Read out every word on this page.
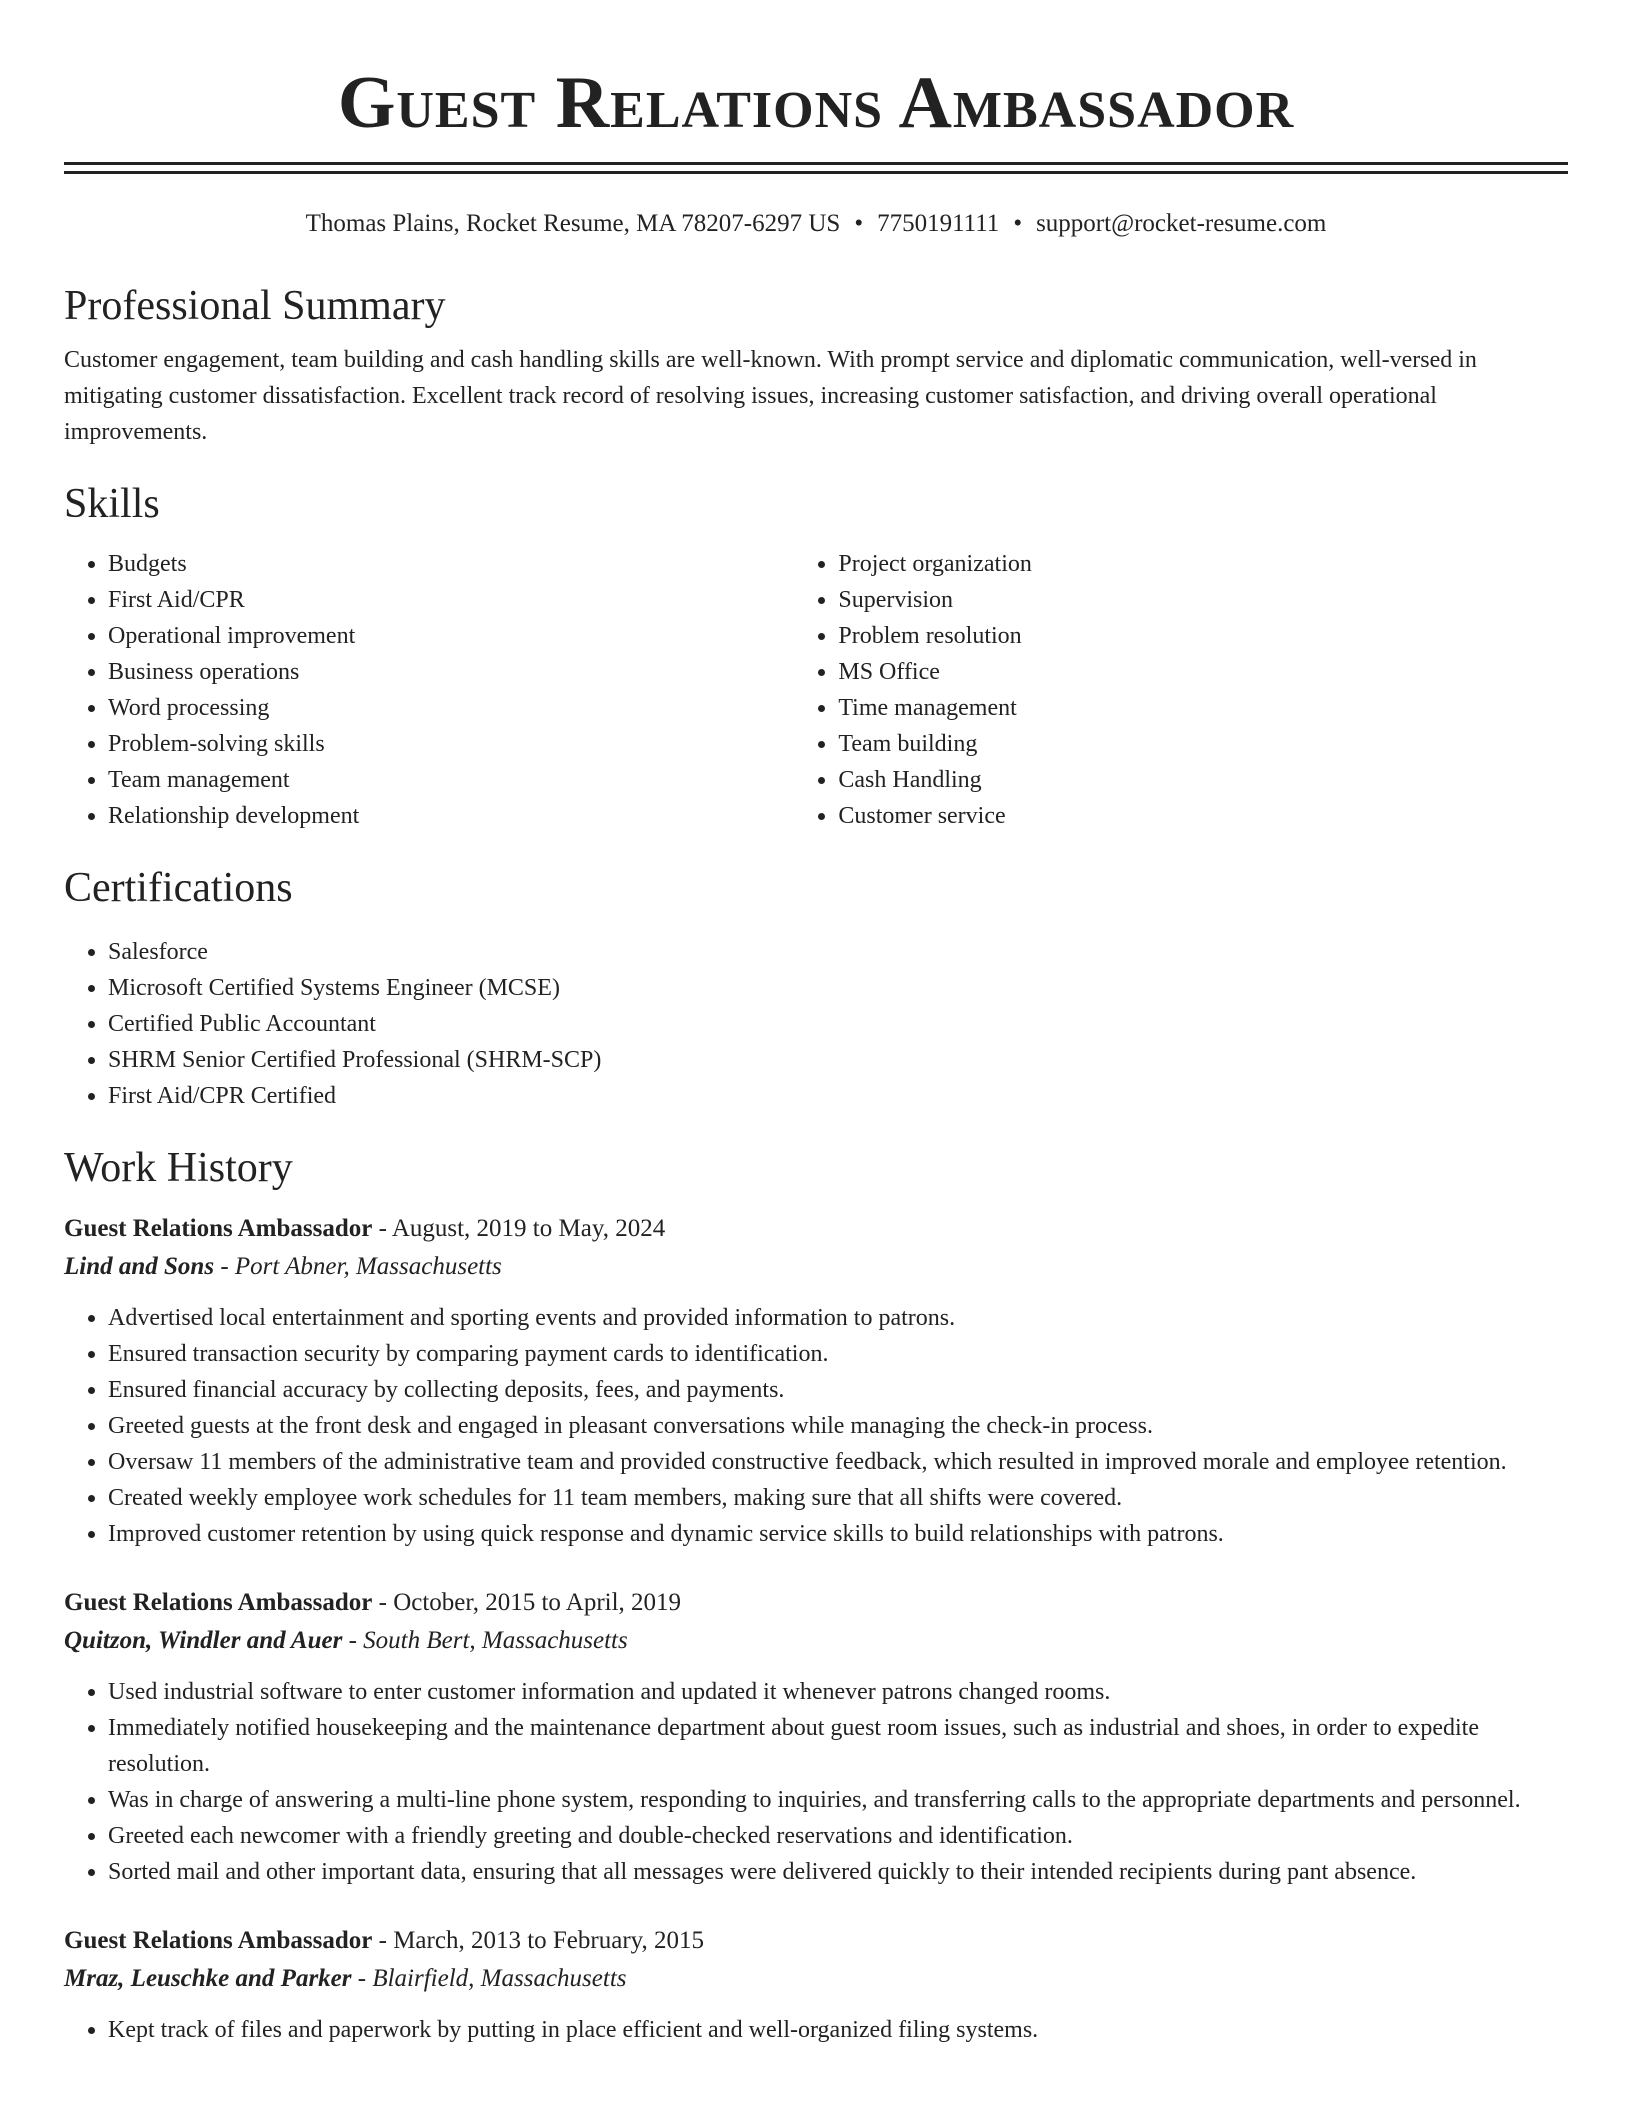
Guest Relations Ambassador
Thomas Plains, Rocket Resume, MA 78207-6297 US • 7750191111 • support@rocket-resume.com
Professional Summary

Customer engagement, team building and cash handling skills are well-known. With prompt service and diplomatic communication, well-versed in mitigating customer dissatisfaction. Excellent track record of resolving issues, increasing customer satisfaction, and driving overall operational improvements.

Skills
• Budgets
• First Aid/CPR
• Operational improvement
• Business operations
• Word processing
• Problem-solving skills
• Team management
• Relationship development
• Project organization
• Supervision
• Problem resolution
• MS Office
• Time management
• Team building
• Cash Handling
• Customer service
Certifications
• Salesforce
• Microsoft Certified Systems Engineer (MCSE)
• Certified Public Accountant
• SHRM Senior Certified Professional (SHRM-SCP)
• First Aid/CPR Certified
Work History
Guest Relations Ambassador - August, 2019 to May, 2024
Lind and Sons - Port Abner, Massachusetts
• Advertised local entertainment and sporting events and provided information to patrons.
• Ensured transaction security by comparing payment cards to identification.
• Ensured financial accuracy by collecting deposits, fees, and payments.
• Greeted guests at the front desk and engaged in pleasant conversations while managing the check-in process.
• Oversaw 11 members of the administrative team and provided constructive feedback, which resulted in improved morale and employee retention.
• Created weekly employee work schedules for 11 team members, making sure that all shifts were covered.
• Improved customer retention by using quick response and dynamic service skills to build relationships with patrons.
Guest Relations Ambassador - October, 2015 to April, 2019
Quitzon, Windler and Auer - South Bert, Massachusetts
• Used industrial software to enter customer information and updated it whenever patrons changed rooms.
• Immediately notified housekeeping and the maintenance department about guest room issues, such as industrial and shoes, in order to expedite resolution.
• Was in charge of answering a multi-line phone system, responding to inquiries, and transferring calls to the appropriate departments and personnel.
• Greeted each newcomer with a friendly greeting and double-checked reservations and identification.
• Sorted mail and other important data, ensuring that all messages were delivered quickly to their intended recipients during pant absence.
Guest Relations Ambassador - March, 2013 to February, 2015
Mraz, Leuschke and Parker - Blairfield, Massachusetts
• Kept track of files and paperwork by putting in place efficient and well-organized filing systems.
